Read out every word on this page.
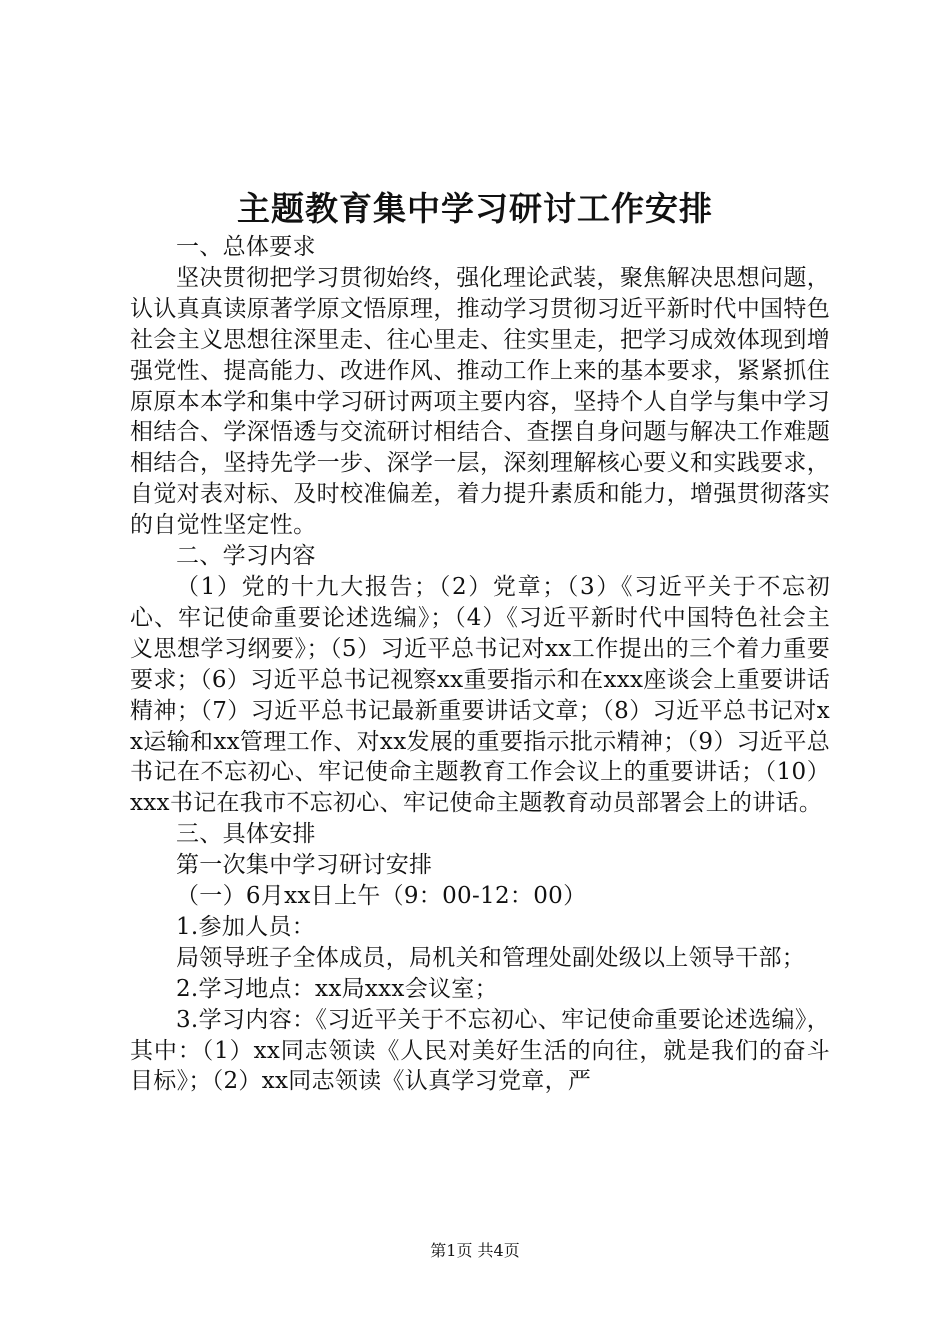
主题教育集中学习研讨工作安排

一、总体要求

坚决贯彻把学习贯彻始终，强化理论武装，聚焦解决思想问题，认认真真读原著学原文悟原理，推动学习贯彻习近平新时代中国特色社会主义思想往深里走、往心里走、往实里走，把学习成效体现到增强党性、提高能力、改进作风、推动工作上来的基本要求，紧紧抓住原原本本学和集中学习研讨两项主要内容，坚持个人自学与集中学习相结合、学深悟透与交流研讨相结合、查摆自身问题与解决工作难题相结合，坚持先学一步、深学一层，深刻理解核心要义和实践要求，自觉对表对标、及时校准偏差，着力提升素质和能力，增强贯彻落实的自觉性坚定性。

二、学习内容

（1）党的十九大报告；（2）党章；（3）《习近平关于不忘初心、牢记使命重要论述选编》；（4）《习近平新时代中国特色社会主义思想学习纲要》；（5）习近平总书记对xx工作提出的三个着力重要要求；（6）习近平总书记视察xx重要指示和在xxx座谈会上重要讲话精神；（7）习近平总书记最新重要讲话文章；（8）习近平总书记对xx运输和xx管理工作、对xx发展的重要指示批示精神；（9）习近平总书记在不忘初心、牢记使命主题教育工作会议上的重要讲话；（10）xxx书记在我市不忘初心、牢记使命主题教育动员部署会上的讲话。

三、具体安排

第一次集中学习研讨安排

（一）6月xx日上午（9：00-12：00）

1.参加人员：

局领导班子全体成员，局机关和管理处副处级以上领导干部；

2.学习地点：xx局xxx会议室；

3.学习内容：《习近平关于不忘初心、牢记使命重要论述选编》，其中：（1）xx同志领读《人民对美好生活的向往，就是我们的奋斗目标》；（2）xx同志领读《认真学习党章，严

第1页 共4页
